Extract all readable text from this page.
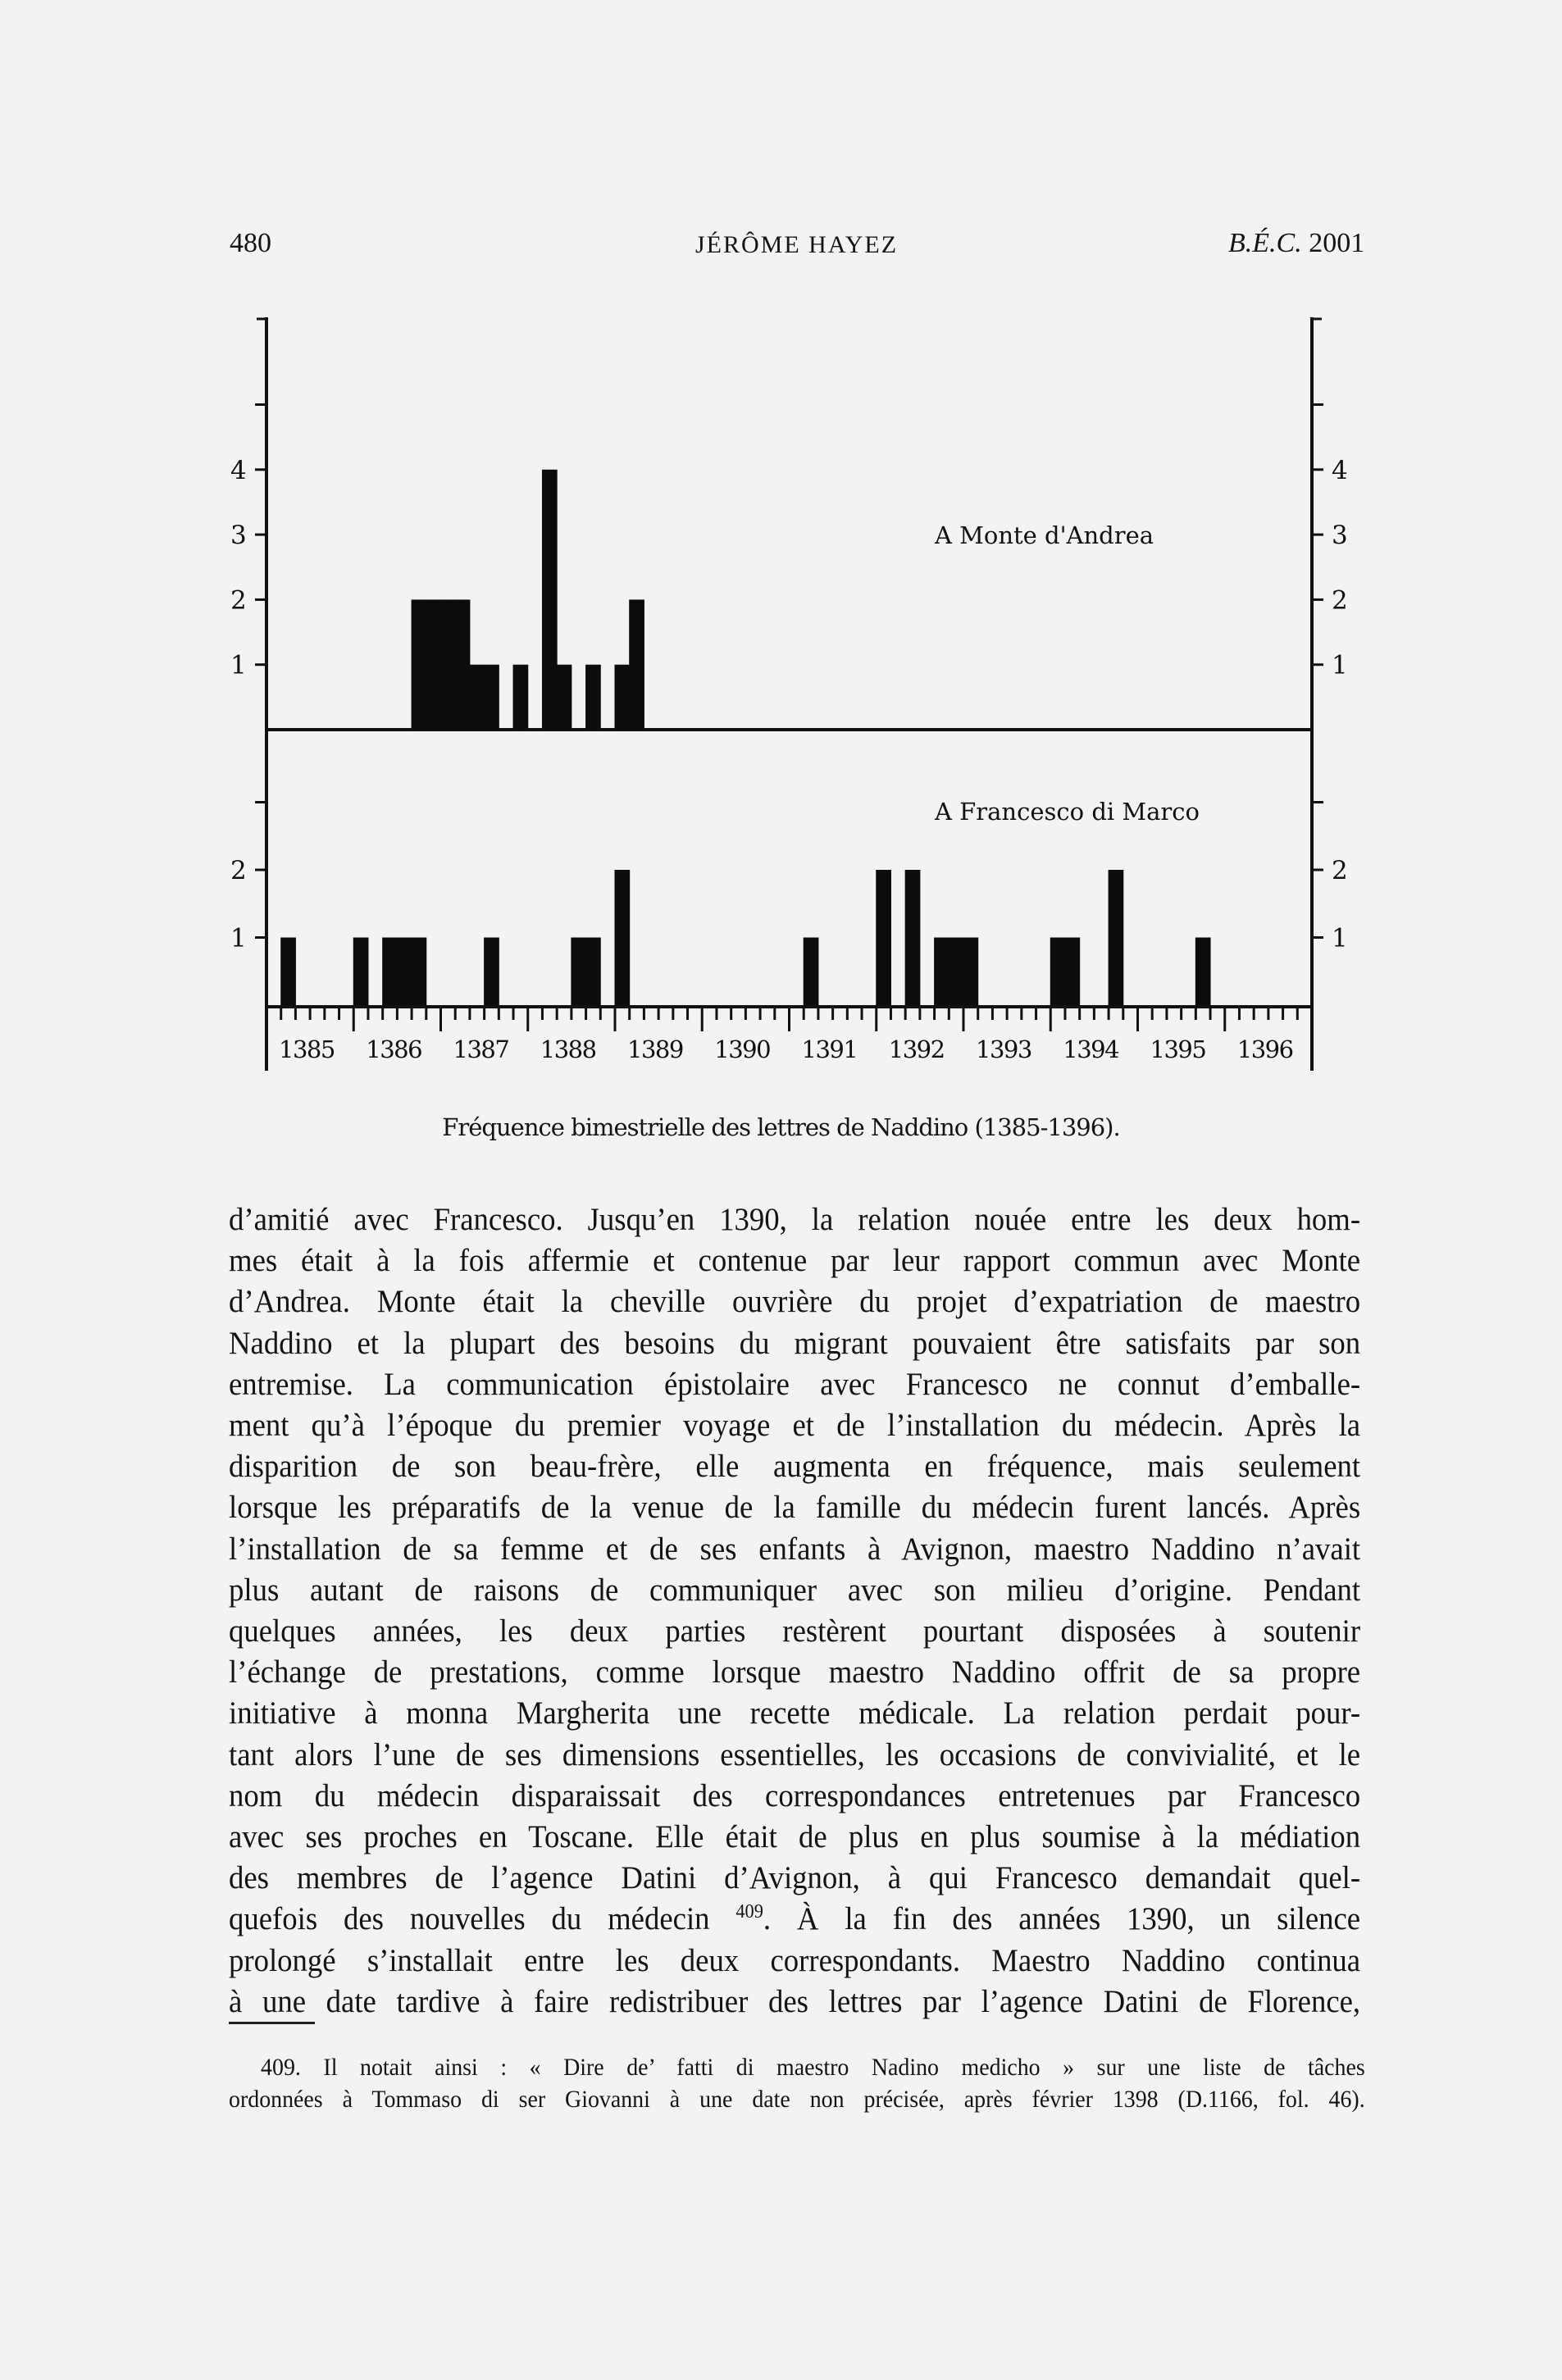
480	JÉRÔME HAYEZ	B.É.C. 2001
1	1
2	2
3	3
4	4
1	1
2	2
1385 1386 1387 1388 1389 1390 1391 1392 1393 1394 1395 1396
A Monte d'Andrea
A Francesco di Marco
Fréquence bimestrielle des lettres de Naddino (1385-1396).
d’amitié avec Francesco. Jusqu’en 1390, la relation nouée entre les deux hom-
mes était à la fois affermie et contenue par leur rapport commun avec Monte
d’Andrea. Monte était la cheville ouvrière du projet d’expatriation de maestro
Naddino et la plupart des besoins du migrant pouvaient être satisfaits par son
entremise. La communication épistolaire avec Francesco ne connut d’emballe-
ment qu’à l’époque du premier voyage et de l’installation du médecin. Après la
disparition de son beau-frère, elle augmenta en fréquence, mais seulement
lorsque les préparatifs de la venue de la famille du médecin furent lancés. Après
l’installation de sa femme et de ses enfants à Avignon, maestro Naddino n’avait
plus autant de raisons de communiquer avec son milieu d’origine. Pendant
quelques années, les deux parties restèrent pourtant disposées à soutenir
l’échange de prestations, comme lorsque maestro Naddino offrit de sa propre
initiative à monna Margherita une recette médicale. La relation perdait pour-
tant alors l’une de ses dimensions essentielles, les occasions de convivialité, et le
nom du médecin disparaissait des correspondances entretenues par Francesco
avec ses proches en Toscane. Elle était de plus en plus soumise à la médiation
des membres de l’agence Datini d’Avignon, à qui Francesco demandait quel-
quefois des nouvelles du médecin $^{409}$. À la fin des années 1390, un silence
prolongé s’installait entre les deux correspondants. Maestro Naddino continua
à une date tardive à faire redistribuer des lettres par l’agence Datini de Florence,
409. Il notait ainsi : « Dire de’ fatti di maestro Nadino medicho » sur une liste de tâches
ordonnées à Tommaso di ser Giovanni à une date non précisée, après février 1398 (D.1166, fol. 46).
